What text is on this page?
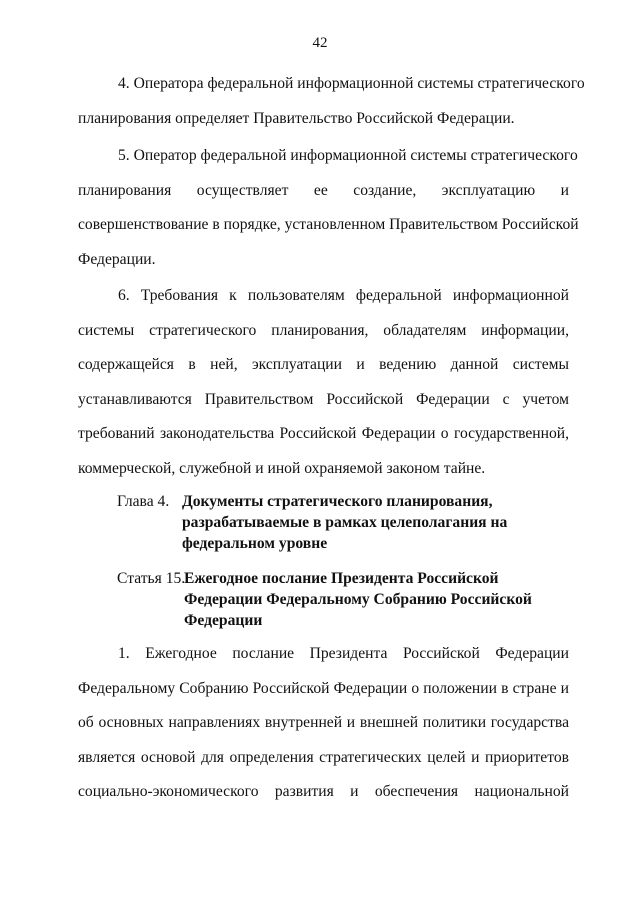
42
4. Оператора федеральной информационной системы стратегического
планирования определяет Правительство Российской Федерации.
5. Оператор федеральной информационной системы стратегического
планирования осуществляет ее создание, эксплуатацию и
совершенствование в порядке, установленном Правительством Российской
Федерации.
6. Требования к пользователям федеральной информационной
системы стратегического планирования, обладателям информации,
содержащейся в ней, эксплуатации и ведению данной системы
устанавливаются Правительством Российской Федерации с учетом
требований законодательства Российской Федерации о государственной,
коммерческой, служебной и иной охраняемой законом тайне.
Глава 4. Документы стратегического планирования,
разрабатываемые в рамках целеполагания на
федеральном уровне
Статья 15.
Ежегодное послание Президента Российской
Федерации Федеральному Собранию Российской
Федерации
1. Ежегодное послание Президента Российской Федерации
Федеральному Собранию Российской Федерации о положении в стране и
об основных направлениях внутренней и внешней политики государства
является основой для определения стратегических целей и приоритетов
социально-экономического развития и обеспечения национальной
